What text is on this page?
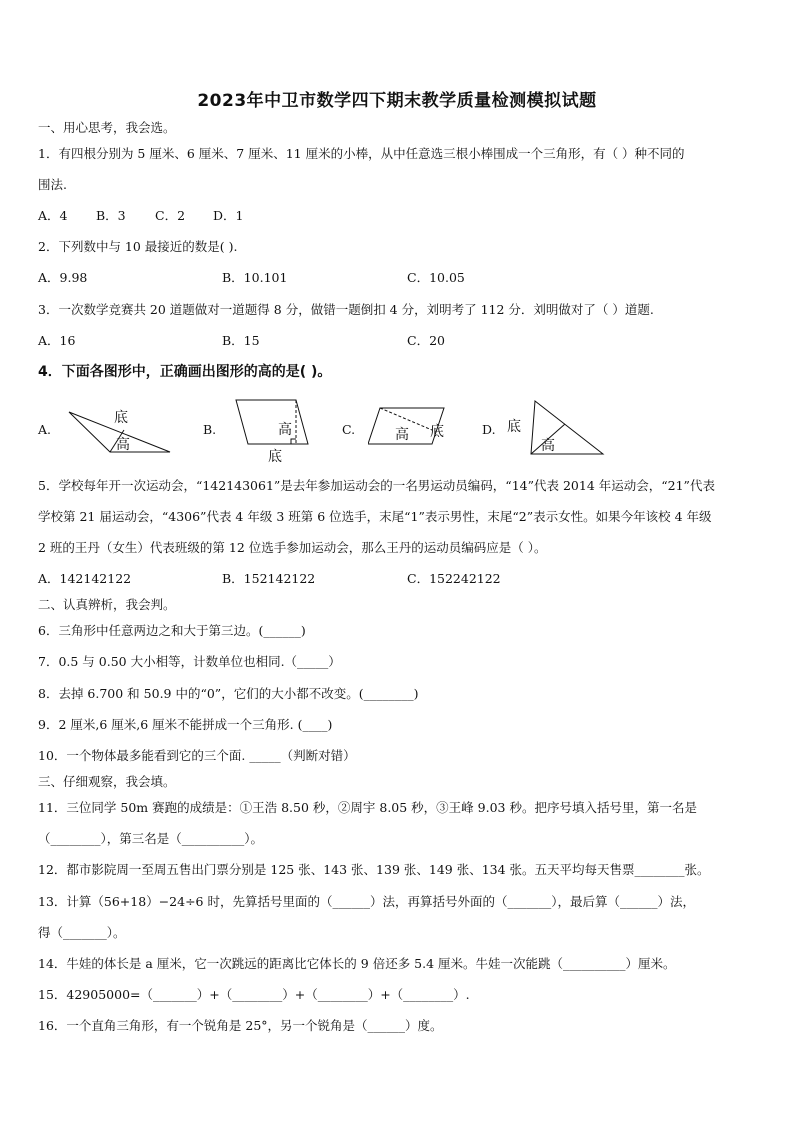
2023年中卫市数学四下期末教学质量检测模拟试题
一、用心思考，我会选。
1．有四根分别为 5 厘米、6 厘米、7 厘米、11 厘米的小棒，从中任意选三根小棒围成一个三角形，有（ ）种不同的
围法.
A．4 B．3 C．2 D．1
2．下列数中与 10 最接近的数是( ).
A．9.98	B．10.101	C．10.05
3．一次数学竞赛共 20 道题做对一道题得 8 分，做错一题倒扣 4 分，刘明考了 112 分．刘明做对了（ ）道题.
A．16	B．15	C．20
4．下面各图形中，正确画出图形的高的是( )。
A.
底
高
B.	高
底
C.	高 底	D. 底
高
5．学校每年开一次运动会，“142143061”是去年参加运动会的一名男运动员编码，“14”代表 2014 年运动会，“21”代表
学校第 21 届运动会，“4306”代表 4 年级 3 班第 6 位选手，末尾“1”表示男性，末尾“2”表示女性。如果今年该校 4 年级
2 班的王丹（女生）代表班级的第 12 位选手参加运动会，那么王丹的运动员编码应是（ ）。
A．142142122	B．152142122	C．152242122
二、认真辨析，我会判。
6．三角形中任意两边之和大于第三边。(______)
7．0.5 与 0.50 大小相等，计数单位也相同.（_____）
8．去掉 6.700 和 50.9 中的“0”，它们的大小都不改变。(________)
9．2 厘米,6 厘米,6 厘米不能拼成一个三角形. (____)
10．一个物体最多能看到它的三个面. _____（判断对错）
三、仔细观察，我会填。
11．三位同学 50m 赛跑的成绩是：①王浩 8.50 秒，②周宇 8.05 秒，③王峰 9.03 秒。把序号填入括号里，第一名是
（________），第三名是（__________）。
12．都市影院周一至周五售出门票分别是 125 张、143 张、139 张、149 张、134 张。五天平均每天售票________张。
13．计算（56+18）−24÷6 时，先算括号里面的（______）法，再算括号外面的（_______），最后算（______）法，
得（_______）。
14．牛娃的体长是 a 厘米，它一次跳远的距离比它体长的 9 倍还多 5.4 厘米。牛娃一次能跳（__________）厘米。
15．42905000=（_______）+（________）+（________）+（________）.
16．一个直角三角形，有一个锐角是 25°，另一个锐角是（______）度。
